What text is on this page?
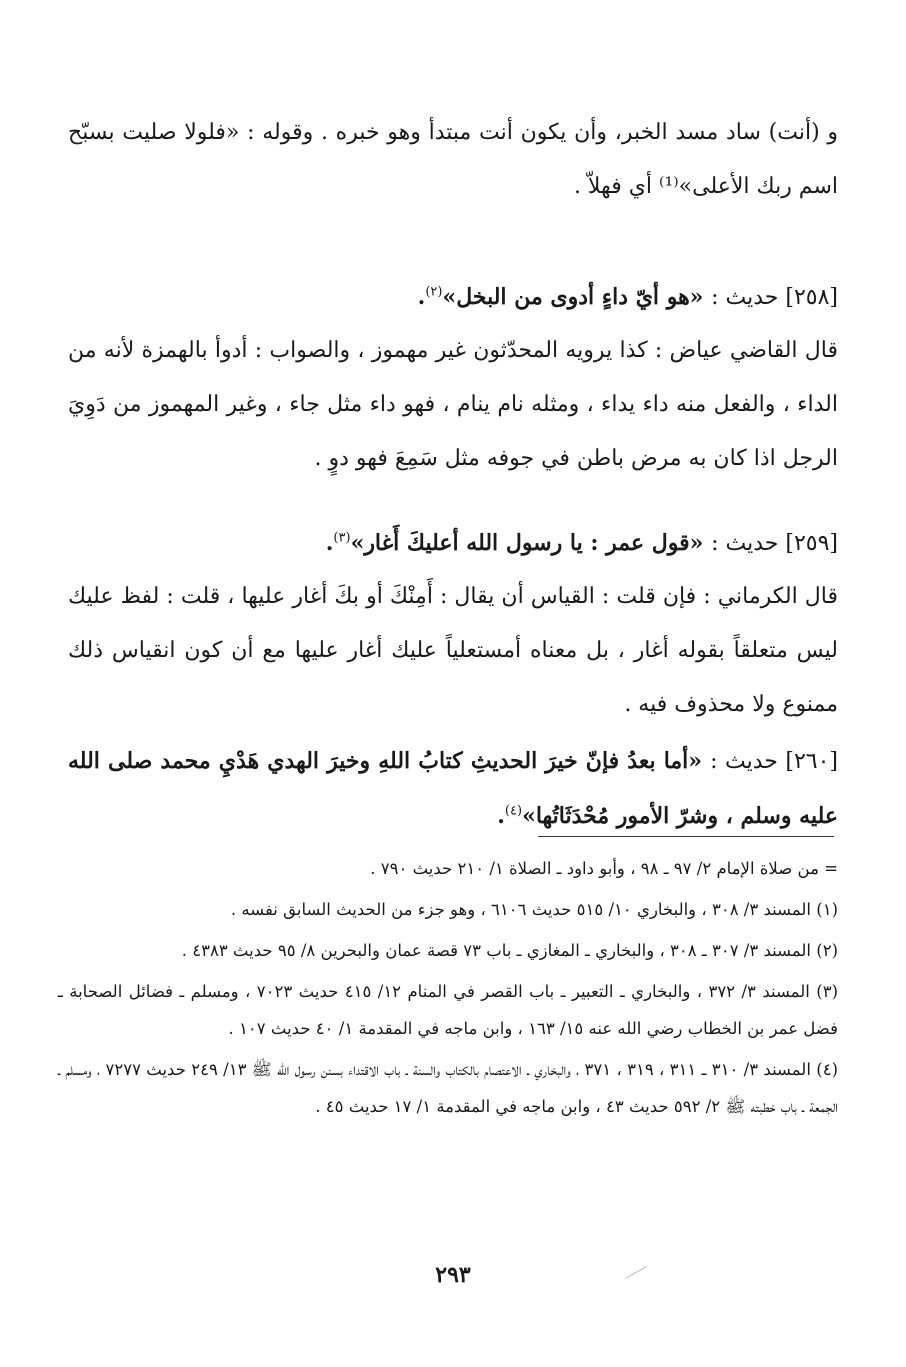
و (أنت) ساد مسد الخبر، وأن يكون أنت مبتدأ وهو خبره . وقوله : «فلولا صليت بسبّح اسم ربك الأعلى»⁽¹⁾ أي فهلاّ .

[٢٥٨] حديث : «هو أيّ داءٍ أدوى من البخل»$^{(٢)}$.

قال القاضي عياض : كذا يرويه المحدّثون غير مهموز ، والصواب : أدوأ بالهمزة لأنه من الداء ، والفعل منه داء يداء ، ومثله نام ينام ، فهو داء مثل جاء ، وغير المهموز من دَوِيَ الرجل اذا كان به مرض باطن في جوفه مثل سَمِعَ فهو دوٍ .

[٢٥٩] حديث : «قول عمر : يا رسول الله أعليكَ أَغار»$^{(٣)}$.

قال الكرماني : فإن قلت : القياس أن يقال : أَمِنْكَ أو بكَ أغار عليها ، قلت : لفظ عليك ليس متعلقاً بقوله أغار ، بل معناه أمستعلياً عليك أغار عليها مع أن كون انقياس ذلك ممنوع ولا محذوف فيه .

[٢٦٠] حديث : «أما بعدُ فإنّ خيرَ الحديثِ كتابُ اللهِ وخيرَ الهدي هَدْيِ محمد صلى الله عليه وسلم ، وشرّ الأمور مُحْدَثَاتُها»$^{(٤)}$.

= من صلاة الإمام ٢/ ٩٧ ـ ٩٨ ، وأبو داود ـ الصلاة ١/ ٢١٠ حديث ٧٩٠ .

(١) المسند ٣/ ٣٠٨ ، والبخاري ١٠/ ٥١٥ حديث ٦١٠٦ ، وهو جزء من الحديث السابق نفسه .

(٢) المسند ٣/ ٣٠٧ ـ ٣٠٨ ، والبخاري ـ المغازي ـ باب ٧٣ قصة عمان والبحرين ٨/ ٩٥ حديث ٤٣٨٣ .

(٣) المسند ٣/ ٣٧٢ ، والبخاري ـ التعبير ـ باب القصر في المنام ١٢/ ٤١٥ حديث ٧٠٢٣ ، ومسلم ـ فضائل الصحابة ـ فضل عمر بن الخطاب رضي الله عنه ١٥/ ١٦٣ ، وابن ماجه في المقدمة ١/ ٤٠ حديث ١٠٧ .

(٤) المسند ٣/ ٣١٠ ـ ٣١١ ، ٣١٩ ، ٣٧١ ، والبخاري ـ الاعتصام بالكتاب والسنة ـ باب الاقتداء بسنن رسول الله ﷺ ١٣/ ٢٤٩ حديث ٧٢٧٧ ، ومسلم ـ الجمعة ـ باب خطبته ﷺ ٢/ ٥٩٢ حديث ٤٣ ، وابن ماجه في المقدمة ١/ ١٧ حديث ٤٥ .

٢٩٣
